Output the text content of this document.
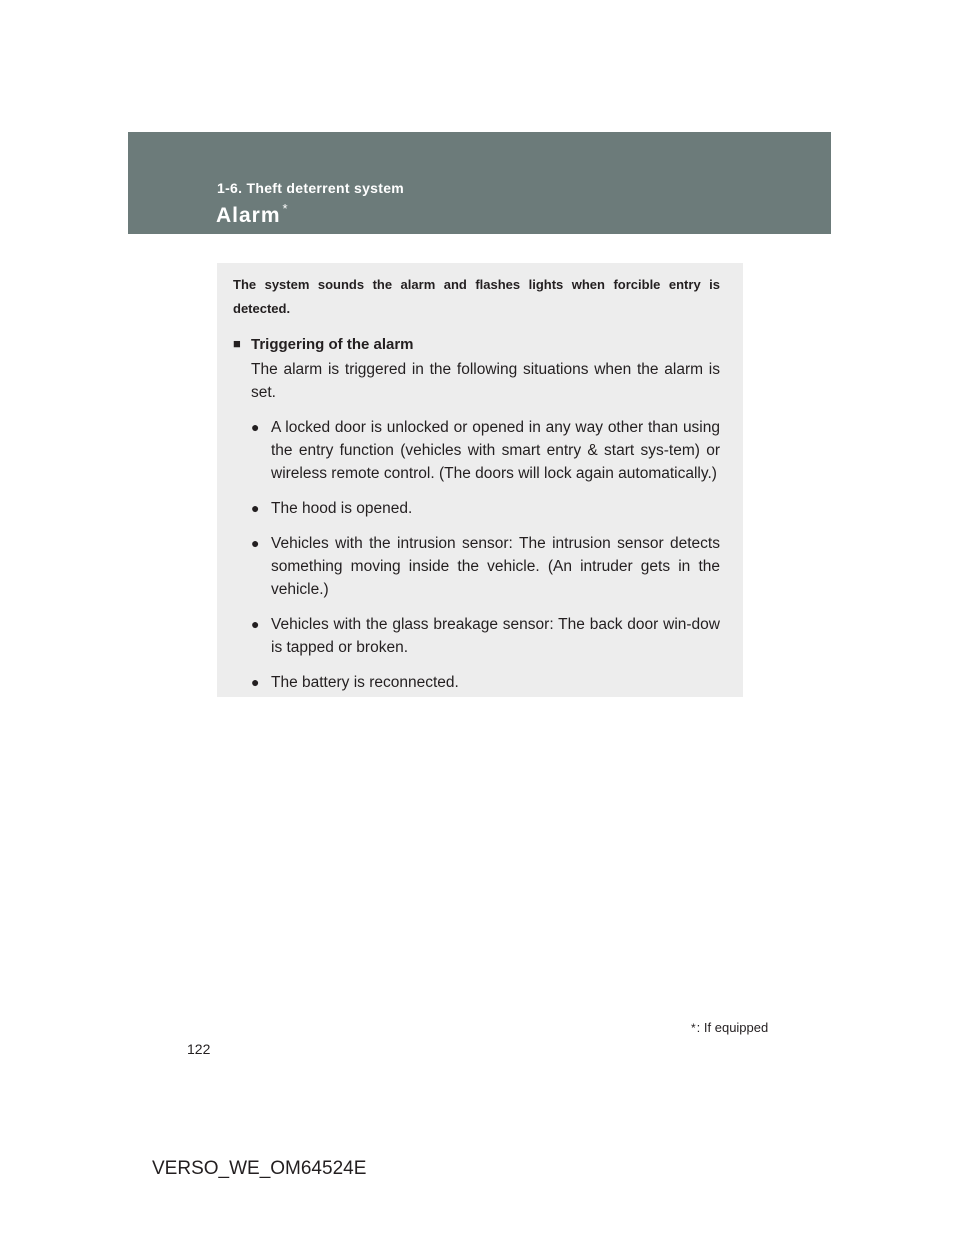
1-6. Theft deterrent system
Alarm *

The system sounds the alarm and flashes lights when forcible entry is detected.

■ Triggering of the alarm

The alarm is triggered in the following situations when the alarm is set.

● A locked door is unlocked or opened in any way other than using the entry function (vehicles with smart entry & start sys-tem) or wireless remote control. (The doors will lock again automatically.)
● The hood is opened.
● Vehicles with the intrusion sensor: The intrusion sensor detects something moving inside the vehicle. (An intruder gets in the vehicle.)
● Vehicles with the glass breakage sensor: The back door win-dow is tapped or broken.
● The battery is reconnected.
*: If equipped
122
VERSO_WE_OM64524E
